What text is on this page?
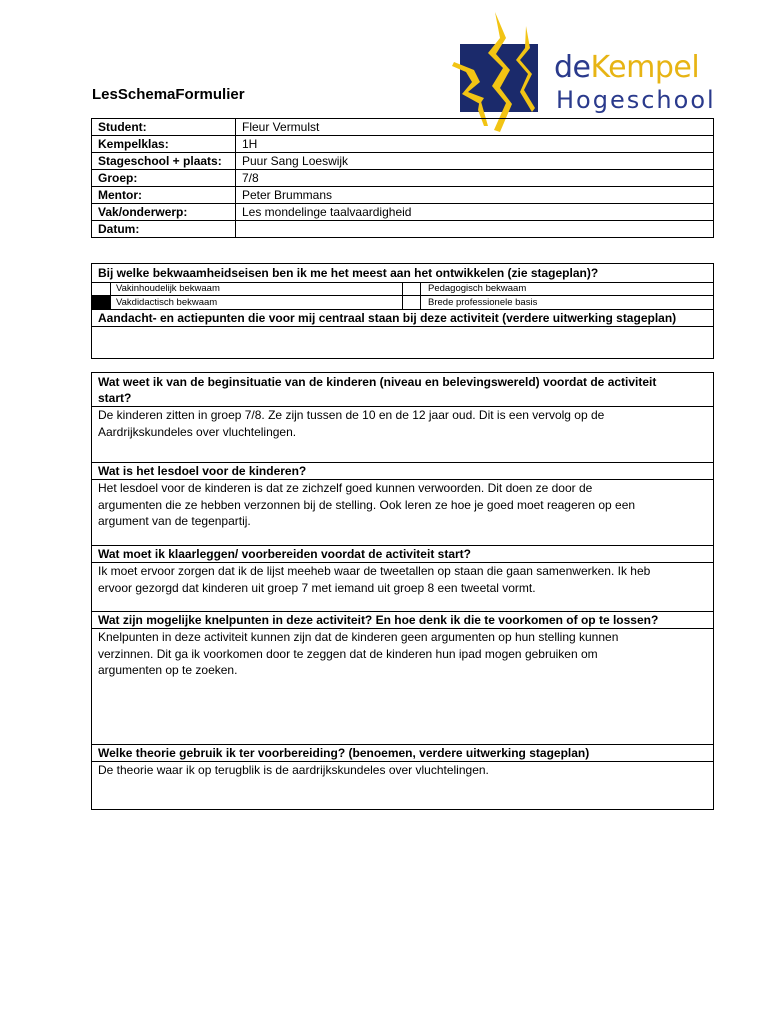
deKempel
Hogeschool
LesSchemaFormulier
Student:	Fleur Vermulst
Kempelklas:	1H
Stageschool + plaats:	Puur Sang Loeswijk
Groep:	7/8
Mentor:	Peter Brummans
Vak/onderwerp:	Les mondelinge taalvaardigheid
Datum:	
Bij welke bekwaamheidseisen ben ik me het meest aan het ontwikkelen (zie stageplan)?
Vakinhoudelijk bekwaam	Pedagogisch bekwaam
Vakdidactisch bekwaam	Brede professionele basis
Aandacht- en actiepunten die voor mij centraal staan bij deze activiteit (verdere uitwerking stageplan)
Wat weet ik van de beginsituatie van de kinderen (niveau en belevingswereld) voordat de activiteit
start?
De kinderen zitten in groep 7/8. Ze zijn tussen de 10 en de 12 jaar oud. Dit is een vervolg op de
Aardrijkskundeles over vluchtelingen.
Wat is het lesdoel voor de kinderen?
Het lesdoel voor de kinderen is dat ze zichzelf goed kunnen verwoorden. Dit doen ze door de
argumenten die ze hebben verzonnen bij de stelling. Ook leren ze hoe je goed moet reageren op een
argument van de tegenpartij.
Wat moet ik klaarleggen/ voorbereiden voordat de activiteit start?
Ik moet ervoor zorgen dat ik de lijst meeheb waar de tweetallen op staan die gaan samenwerken. Ik heb
ervoor gezorgd dat kinderen uit groep 7 met iemand uit groep 8 een tweetal vormt.
Wat zijn mogelijke knelpunten in deze activiteit? En hoe denk ik die te voorkomen of op te lossen?
Knelpunten in deze activiteit kunnen zijn dat de kinderen geen argumenten op hun stelling kunnen
verzinnen. Dit ga ik voorkomen door te zeggen dat de kinderen hun ipad mogen gebruiken om
argumenten op te zoeken.
Welke theorie gebruik ik ter voorbereiding? (benoemen, verdere uitwerking stageplan)
De theorie waar ik op terugblik is de aardrijkskundeles over vluchtelingen.
